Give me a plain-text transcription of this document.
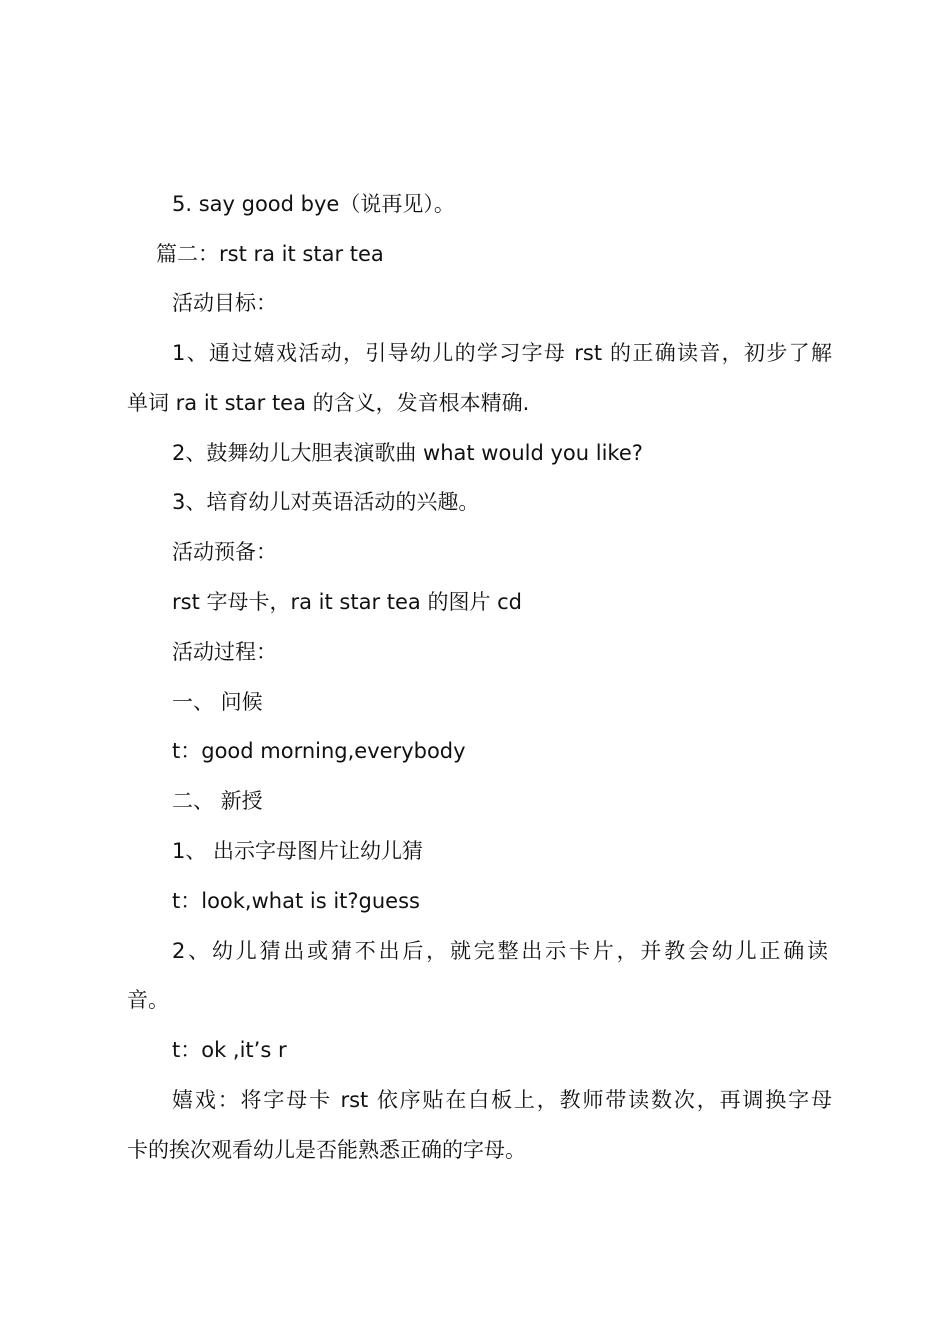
5. say good bye（说再见）。
篇二：rst ra it star tea
活动目标：
1、通过嬉戏活动，引导幼儿的学习字母 rst 的正确读音，初步了解
单词 ra it star tea 的含义，发音根本精确.
2、鼓舞幼儿大胆表演歌曲 what would you like?
3、培育幼儿对英语活动的兴趣。
活动预备：
rst 字母卡，ra it star tea 的图片 cd
活动过程：
一、 问候
t：good morning,everybody
二、 新授
1、 出示字母图片让幼儿猜
t：look,what is it?guess
2、幼儿猜出或猜不出后，就完整出示卡片，并教会幼儿正确读
音。
t：ok ,it’s r
嬉戏：将字母卡 rst 依序贴在白板上，教师带读数次，再调换字母
卡的挨次观看幼儿是否能熟悉正确的字母。
